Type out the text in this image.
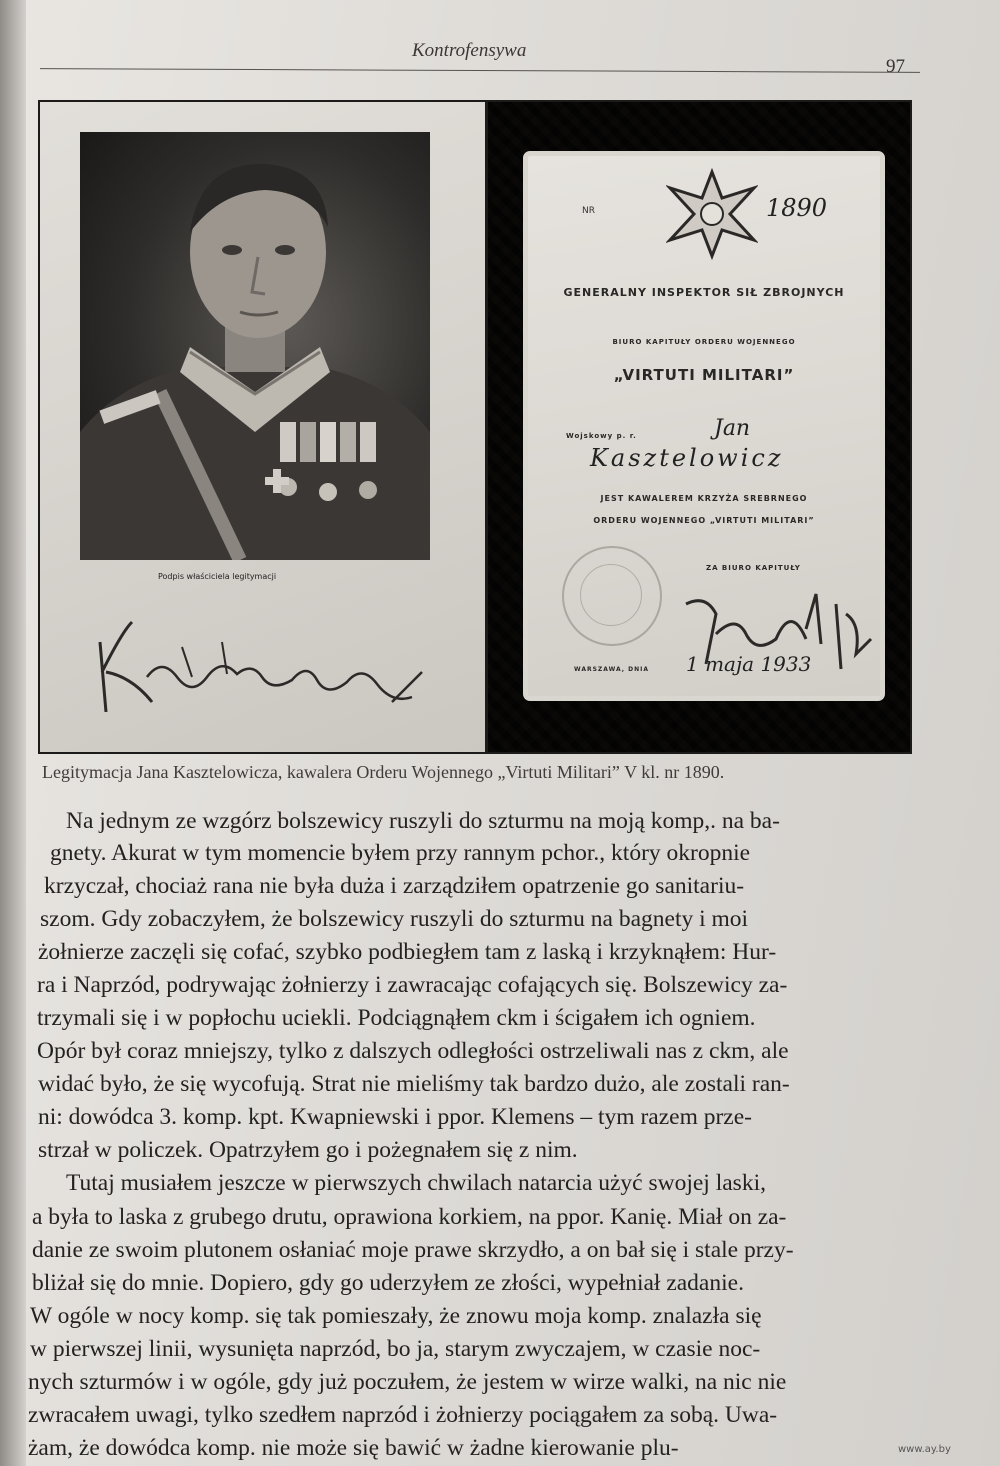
Kontrofensywa
97
Podpis właściciela legitymacji
NR	1890
GENERALNY INSPEKTOR SIŁ ZBROJNYCH
BIURO KAPITUŁY ORDERU WOJENNEGO
„VIRTUTI MILITARI”
Wojskowy p. r.	Jan
Kasztelowicz
JEST KAWALEREM KRZYŻA SREBRNEGO
ORDERU WOJENNEGO „VIRTUTI MILITARI”
ZA BIURO KAPITUŁY
WARSZAWA, DNIA 1 maja 1933
Legitymacja Jana Kasztelowicza, kawalera Orderu Wojennego „Virtuti Militari” V kl. nr 1890.
Na jednym ze wzgórz bolszewicy ruszyli do szturmu na moją komp,. na ba-
gnety. Akurat w tym momencie byłem przy rannym pchor., który okropnie
krzyczał, chociaż rana nie była duża i zarządziłem opatrzenie go sanitariu-
szom. Gdy zobaczyłem, że bolszewicy ruszyli do szturmu na bagnety i moi
żołnierze zaczęli się cofać, szybko podbiegłem tam z laską i krzyknąłem: Hur-
ra i Naprzód, podrywając żołnierzy i zawracając cofających się. Bolszewicy za-
trzymali się i w popłochu uciekli. Podciągnąłem ckm i ścigałem ich ogniem.
Opór był coraz mniejszy, tylko z dalszych odległości ostrzeliwali nas z ckm, ale
widać było, że się wycofują. Strat nie mieliśmy tak bardzo dużo, ale zostali ran-
ni: dowódca 3. komp. kpt. Kwapniewski i ppor. Klemens – tym razem prze-
strzał w policzek. Opatrzyłem go i pożegnałem się z nim.
Tutaj musiałem jeszcze w pierwszych chwilach natarcia użyć swojej laski,
a była to laska z grubego drutu, oprawiona korkiem, na ppor. Kanię. Miał on za-
danie ze swoim plutonem osłaniać moje prawe skrzydło, a on bał się i stale przy-
bliżał się do mnie. Dopiero, gdy go uderzyłem ze złości, wypełniał zadanie.
W ogóle w nocy komp. się tak pomieszały, że znowu moja komp. znalazła się
w pierwszej linii, wysunięta naprzód, bo ja, starym zwyczajem, w czasie noc-
nych szturmów i w ogóle, gdy już poczułem, że jestem w wirze walki, na nic nie
zwracałem uwagi, tylko szedłem naprzód i żołnierzy pociągałem za sobą. Uwa-
żam, że dowódca komp. nie może się bawić w żadne kierowanie plu-	www.ay.by
